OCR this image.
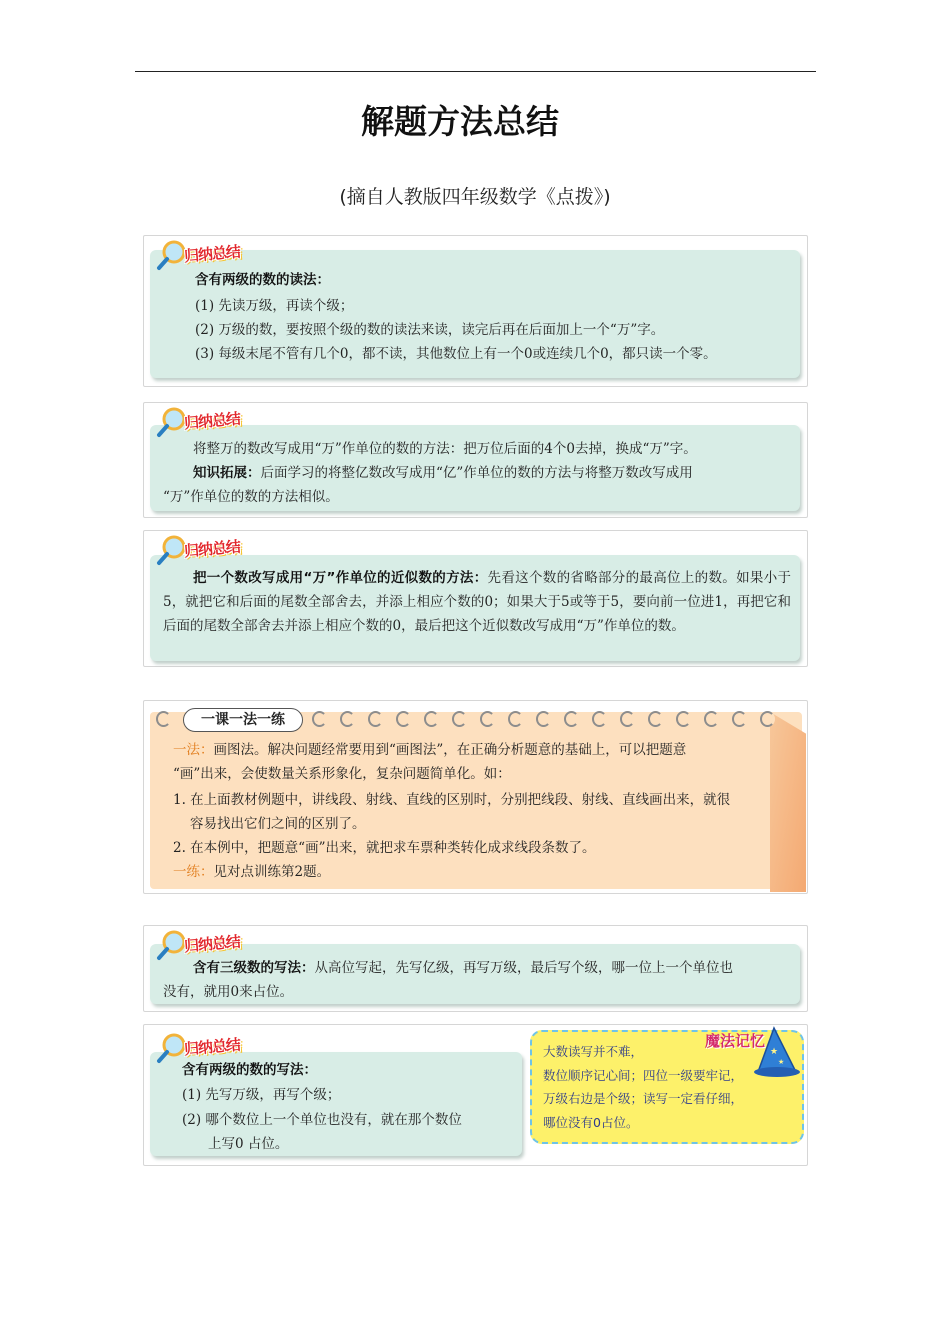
解题方法总结
(摘自人教版四年级数学《点拨》)
归纳总结
含有两级的数的读法：
(1) 先读万级，再读个级；
(2) 万级的数，要按照个级的数的读法来读，读完后再在后面加上一个“万”字。
(3) 每级末尾不管有几个0，都不读，其他数位上有一个0或连续几个0，都只读一个零。
归纳总结
将整万的数改写成用“万”作单位的数的方法：把万位后面的4个0去掉，换成“万”字。
知识拓展：后面学习的将整亿数改写成用“亿”作单位的数的方法与将整万数改写成用
“万”作单位的数的方法相似。
归纳总结
把一个数改写成用“万”作单位的近似数的方法：先看这个数的省略部分的最高位上的数。如果小于5，就把它和后面的尾数全部舍去，并添上相应个数的0；如果大于5或等于5，要向前一位进1，再把它和后面的尾数全部舍去并添上相应个数的0，最后把这个近似数改写成用“万”作单位的数。
一课一法一练
一法：画图法。解决问题经常要用到“画图法”，在正确分析题意的基础上，可以把题意
“画”出来，会使数量关系形象化，复杂问题简单化。如：
1. 在上面教材例题中，讲线段、射线、直线的区别时，分别把线段、射线、直线画出来，就很
容易找出它们之间的区别了。
2. 在本例中，把题意“画”出来，就把求车票种类转化成求线段条数了。
一练：见对点训练第2题。
归纳总结
含有三级数的写法：从高位写起，先写亿级，再写万级，最后写个级，哪一位上一个单位也
没有，就用0来占位。
归纳总结
含有两级的数的写法：
(1) 先写万级，再写个级；
(2) 哪个数位上一个单位也没有，就在那个数位
上写0 占位。
★
★
魔法记忆
大数读写并不难，
数位顺序记心间；四位一级要牢记，
万级右边是个级；读写一定看仔细，
哪位没有0占位。
